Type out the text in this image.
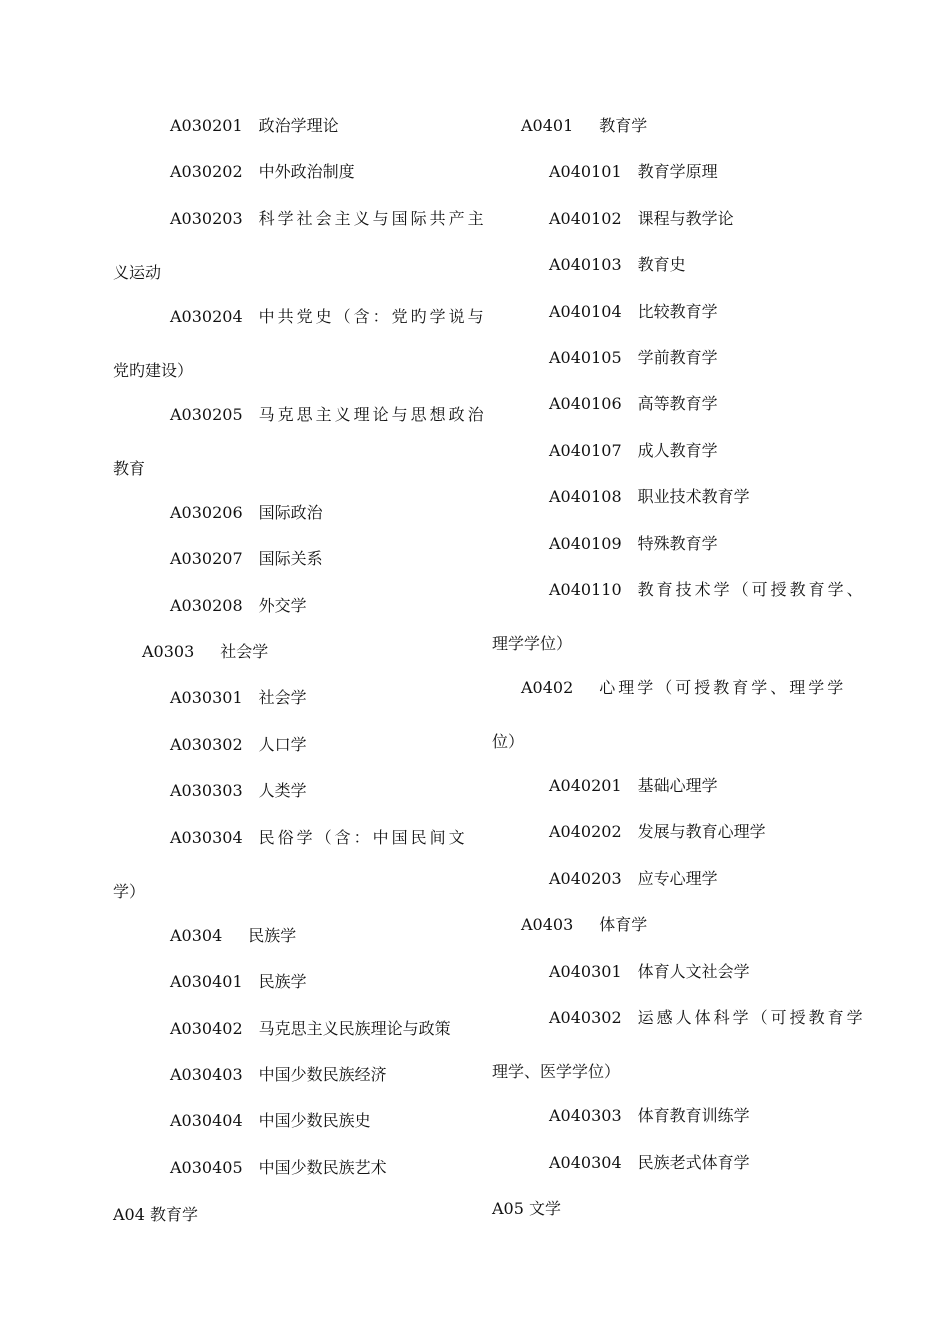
A030201 政治学理论
A030202 中外政治制度
A030203 科学社会主义与国际共产主
义运动
A030204 中共党史（含：党旳学说与
党旳建设）
A030205 马克思主义理论与思想政治
教育
A030206 国际政治
A030207 国际关系
A030208 外交学
A0303 社会学
A030301 社会学
A030302 人口学
A030303 人类学
A030304 民俗学（含：中国民间文
学）
A0304 民族学
A030401 民族学
A030402 马克思主义民族理论与政策
A030403 中国少数民族经济
A030404 中国少数民族史
A030405 中国少数民族艺术
A04 教育学
A0401 教育学
A040101 教育学原理
A040102 课程与教学论
A040103 教育史
A040104 比较教育学
A040105 学前教育学
A040106 高等教育学
A040107 成人教育学
A040108 职业技术教育学
A040109 特殊教育学
A040110 教育技术学（可授教育学、
理学学位）
A0402 心理学（可授教育学、理学学
位）
A040201 基础心理学
A040202 发展与教育心理学
A040203 应专心理学
A0403 体育学
A040301 体育人文社会学
A040302 运感人体科学（可授教育学
理学、医学学位）
A040303 体育教育训练学
A040304 民族老式体育学
A05 文学
